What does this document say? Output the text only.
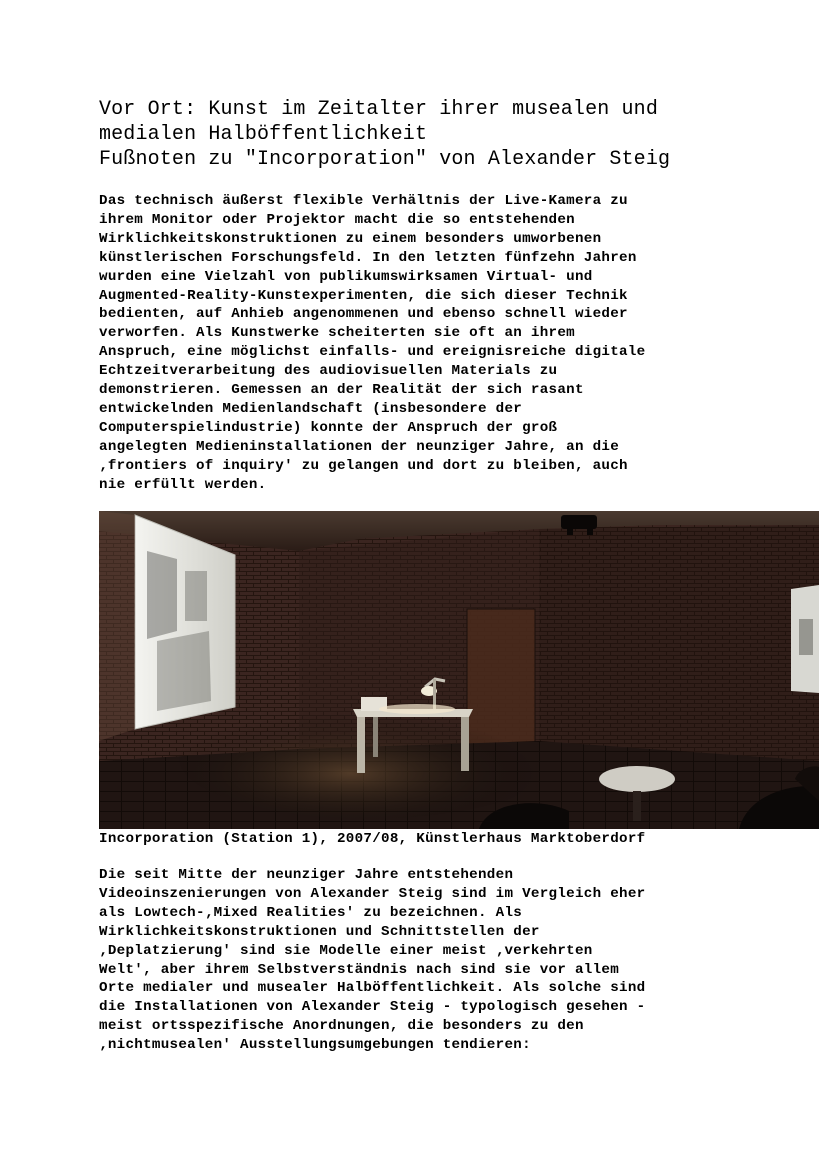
Vor Ort: Kunst im Zeitalter ihrer musealen und
medialen Halböffentlichkeit
Fußnoten zu "Incorporation" von Alexander Steig
Das technisch äußerst flexible Verhältnis der Live-Kamera zu
ihrem Monitor oder Projektor macht die so entstehenden
Wirklichkeitskonstruktionen zu einem besonders umworbenen
künstlerischen Forschungsfeld. In den letzten fünfzehn Jahren
wurden eine Vielzahl von publikumswirksamen Virtual- und
Augmented-Reality-Kunstexperimenten, die sich dieser Technik
bedienten, auf Anhieb angenommenen und ebenso schnell wieder
verworfen. Als Kunstwerke scheiterten sie oft an ihrem
Anspruch, eine möglichst einfalls- und ereignisreiche digitale
Echtzeitverarbeitung des audiovisuellen Materials zu
demonstrieren. Gemessen an der Realität der sich rasant
entwickelnden Medienlandschaft (insbesondere der
Computerspielindustrie) konnte der Anspruch der groß
angelegten Medieninstallationen der neunziger Jahre, an die
‚frontiers of inquiry' zu gelangen und dort zu bleiben, auch
nie erfüllt werden.

Incorporation (Station 1), 2007/08, Künstlerhaus Marktoberdorf

Die seit Mitte der neunziger Jahre entstehenden
Videoinszenierungen von Alexander Steig sind im Vergleich eher
als Lowtech-‚Mixed Realities' zu bezeichnen. Als
Wirklichkeitskonstruktionen und Schnittstellen der
‚Deplatzierung' sind sie Modelle einer meist ‚verkehrten
Welt', aber ihrem Selbstverständnis nach sind sie vor allem
Orte medialer und musealer Halböffentlichkeit. Als solche sind
die Installationen von Alexander Steig - typologisch gesehen -
meist ortsspezifische Anordnungen, die besonders zu den
‚nichtmusealen' Ausstellungsumgebungen tendieren:
